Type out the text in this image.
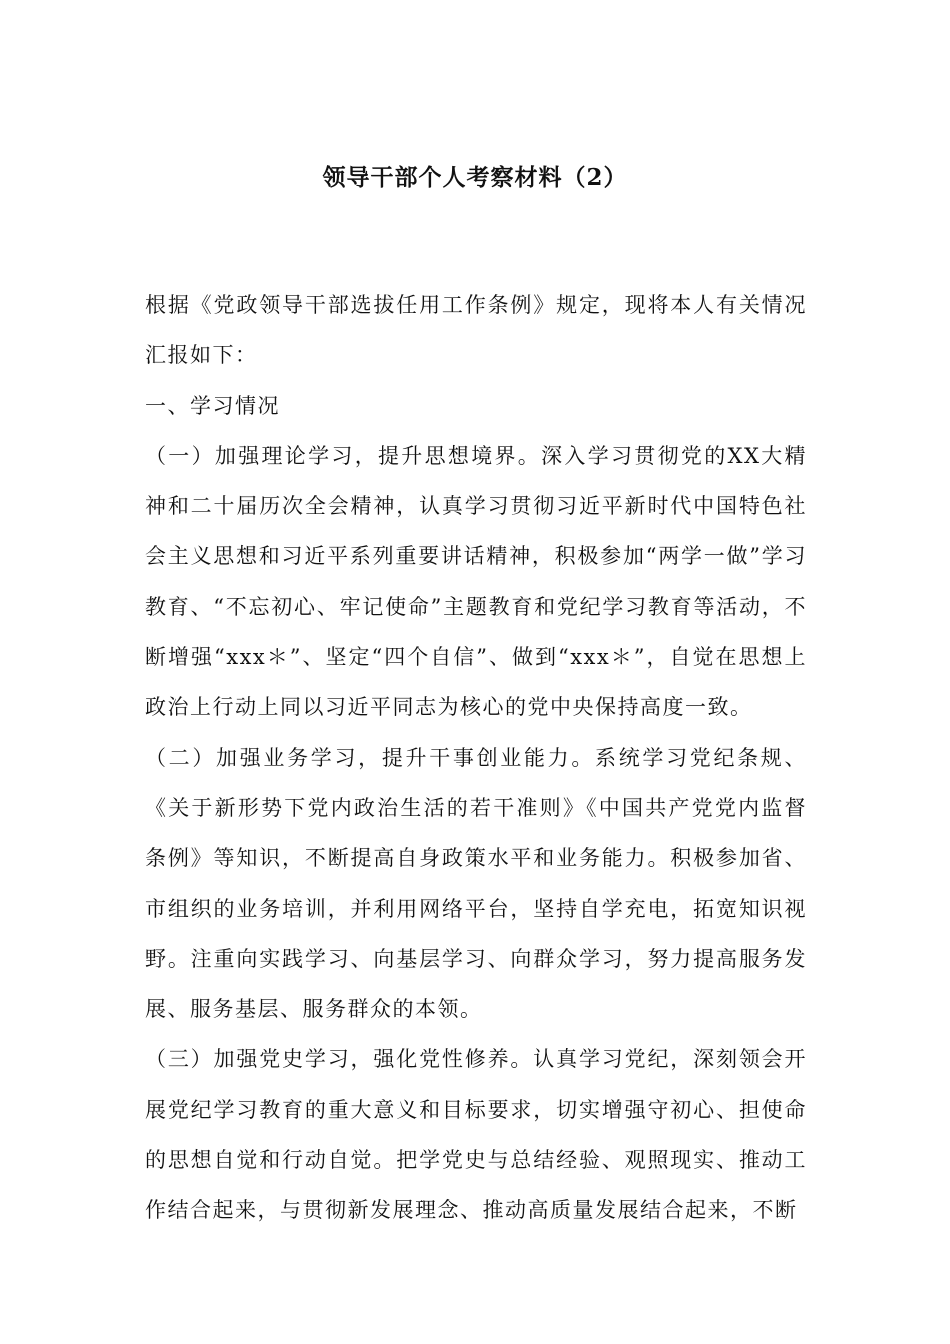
领导干部个人考察材料（2）

根据《党政领导干部选拔任用工作条例》规定，现将本人有关情况汇报如下：

一、学习情况

（一）加强理论学习，提升思想境界。深入学习贯彻党的XX大精神和二十届历次全会精神，认真学习贯彻习近平新时代中国特色社会主义思想和习近平系列重要讲话精神，积极参加“两学一做”学习教育、“不忘初心、牢记使命”主题教育和党纪学习教育等活动，不断增强“xxx＊”、坚定“四个自信”、做到“xxx＊”，自觉在思想上政治上行动上同以习近平同志为核心的党中央保持高度一致。

（二）加强业务学习，提升干事创业能力。系统学习党纪条规、《关于新形势下党内政治生活的若干准则》《中国共产党党内监督条例》等知识，不断提高自身政策水平和业务能力。积极参加省、市组织的业务培训，并利用网络平台，坚持自学充电，拓宽知识视野。注重向实践学习、向基层学习、向群众学习，努力提高服务发展、服务基层、服务群众的本领。

（三）加强党史学习，强化党性修养。认真学习党纪，深刻领会开展党纪学习教育的重大意义和目标要求，切实增强守初心、担使命的思想自觉和行动自觉。把学党史与总结经验、观照现实、推动工作结合起来，与贯彻新发展理念、推动高质量发展结合起来，不断
